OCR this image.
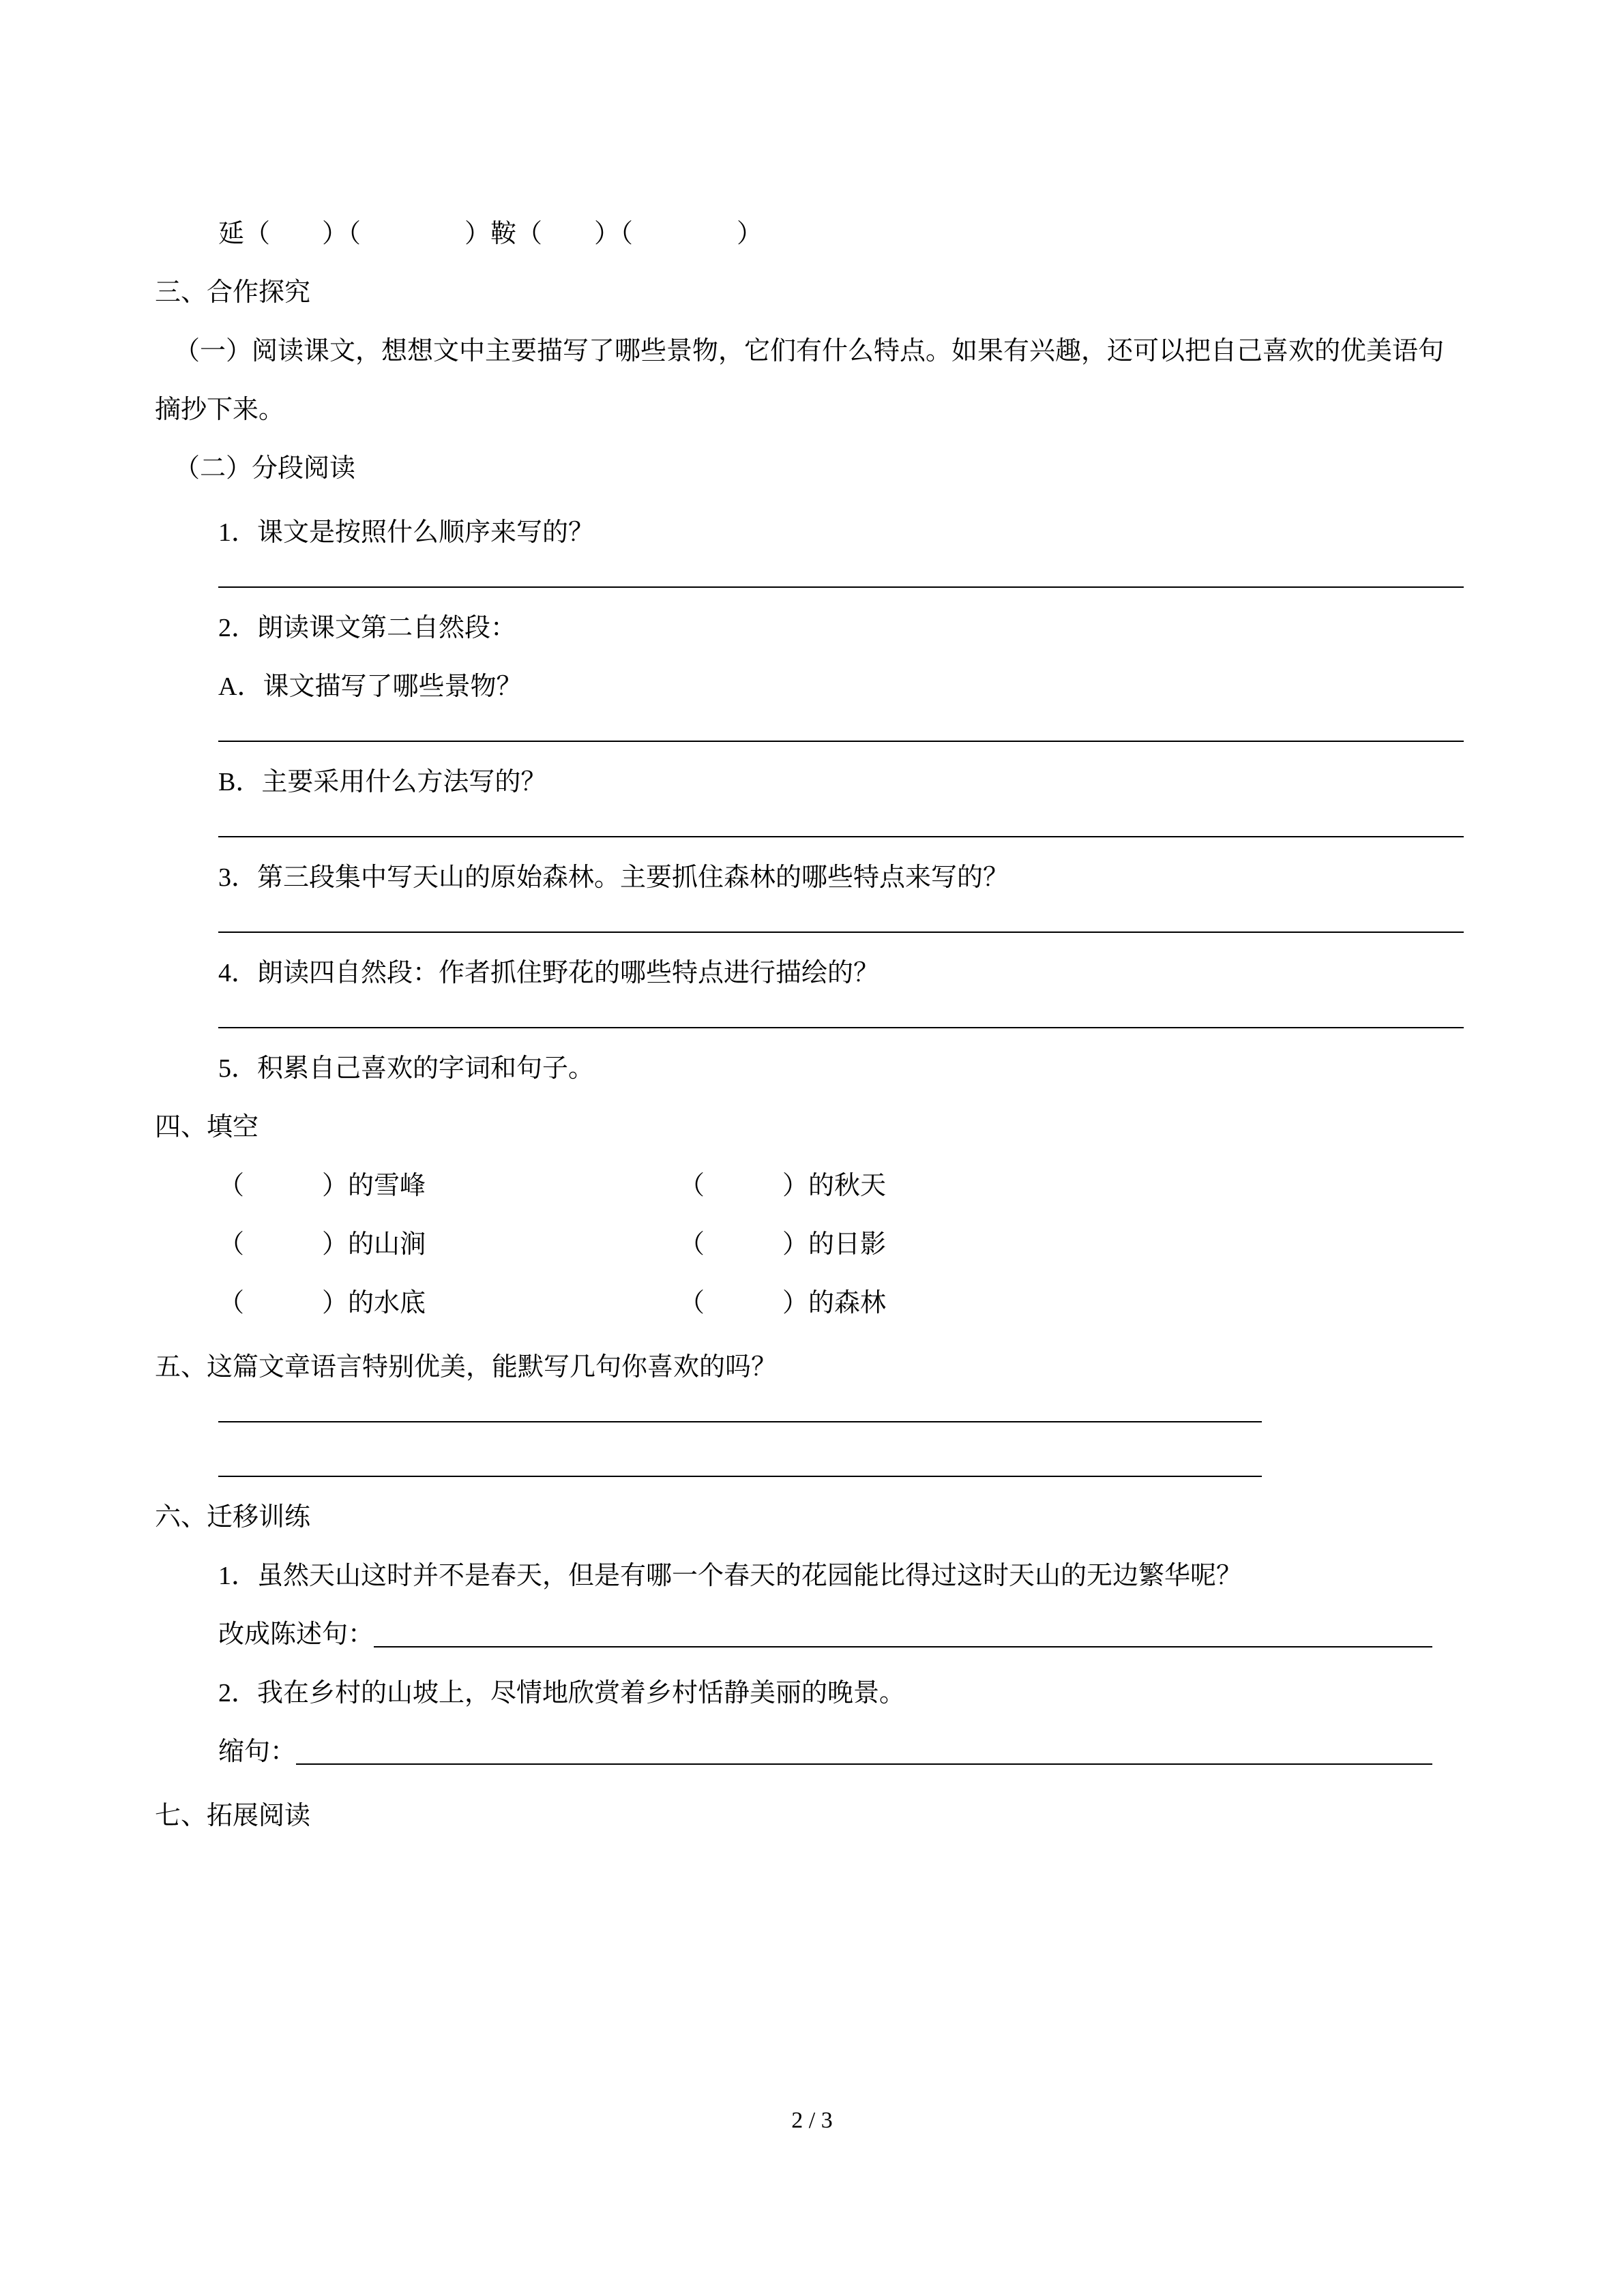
延（　　）（　　　　）鞍（　　）（　　　　）

三、合作探究

（一）阅读课文，想想文中主要描写了哪些景物，它们有什么特点。如果有兴趣，还可以把自己喜欢的优美语句摘抄下来。

（二）分段阅读

1．课文是按照什么顺序来写的？

2．朗读课文第二自然段：

A．课文描写了哪些景物？

B．主要采用什么方法写的？

3．第三段集中写天山的原始森林。主要抓住森林的哪些特点来写的？

4．朗读四自然段：作者抓住野花的哪些特点进行描绘的？

5．积累自己喜欢的字词和句子。

四、填空

（　　　）的雪峰	（　　　）的秋天
（　　　）的山涧	（　　　）的日影
（　　　）的水底	（　　　）的森林

五、这篇文章语言特别优美，能默写几句你喜欢的吗？

六、迁移训练

1．虽然天山这时并不是春天，但是有哪一个春天的花园能比得过这时天山的无边繁华呢？

改成陈述句：

2．我在乡村的山坡上，尽情地欣赏着乡村恬静美丽的晚景。

缩句：

七、拓展阅读

2 / 3
